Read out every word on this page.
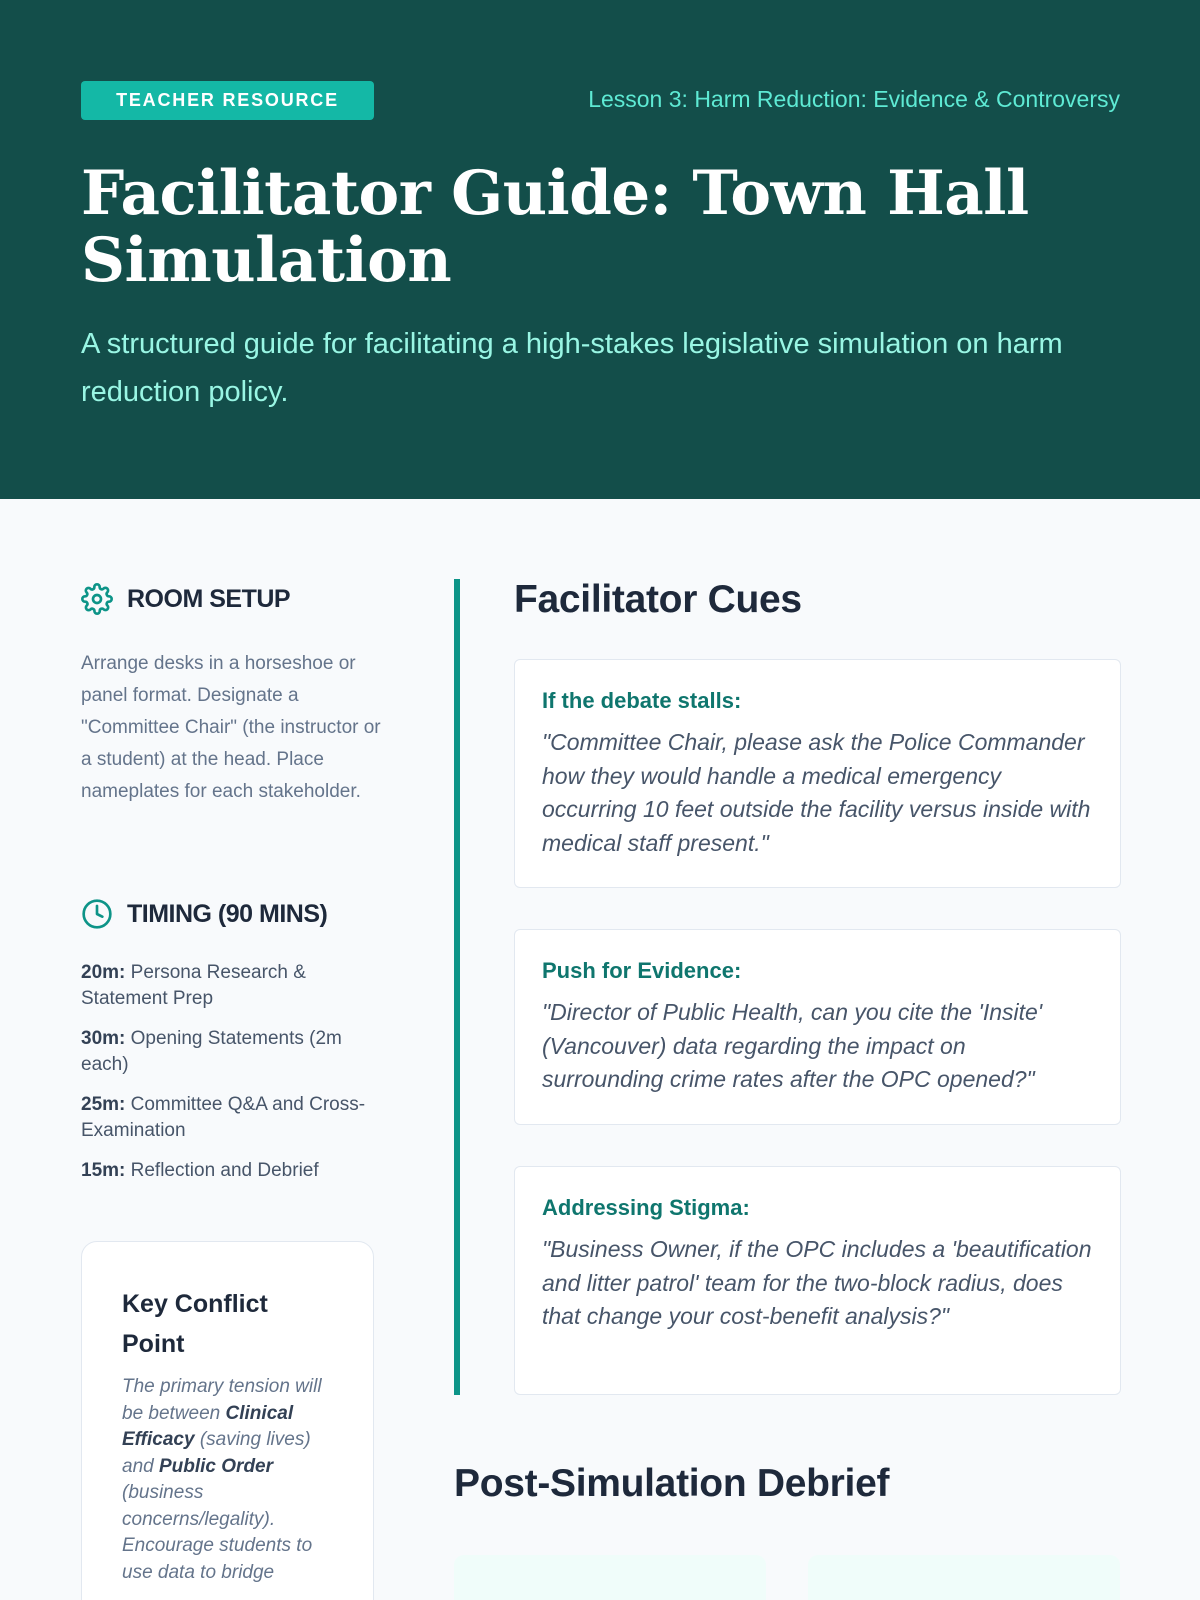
TEACHER RESOURCE	Lesson 3: Harm Reduction: Evidence & Controversy
Facilitator Guide: Town Hall Simulation

A structured guide for facilitating a high-stakes legislative simulation on harm reduction policy.

ROOM SETUP

Arrange desks in a horseshoe or panel format. Designate a "Committee Chair" (the instructor or a student) at the head. Place nameplates for each stakeholder.

TIMING (90 MINS)
20m: Persona Research & Statement Prep
30m: Opening Statements (2m each)
25m: Committee Q&A and Cross-Examination
15m: Reflection and Debrief
Key Conflict Point

The primary tension will be between Clinical Efficacy (saving lives) and Public Order (business concerns/legality). Encourage students to use data to bridge

Facilitator Cues
If the debate stalls:

"Committee Chair, please ask the Police Commander how they would handle a medical emergency occurring 10 feet outside the facility versus inside with medical staff present."

Push for Evidence:

"Director of Public Health, can you cite the 'Insite' (Vancouver) data regarding the impact on surrounding crime rates after the OPC opened?"

Addressing Stigma:

"Business Owner, if the OPC includes a 'beautification and litter patrol' team for the two-block radius, does that change your cost-benefit analysis?"

Post-Simulation Debrief
